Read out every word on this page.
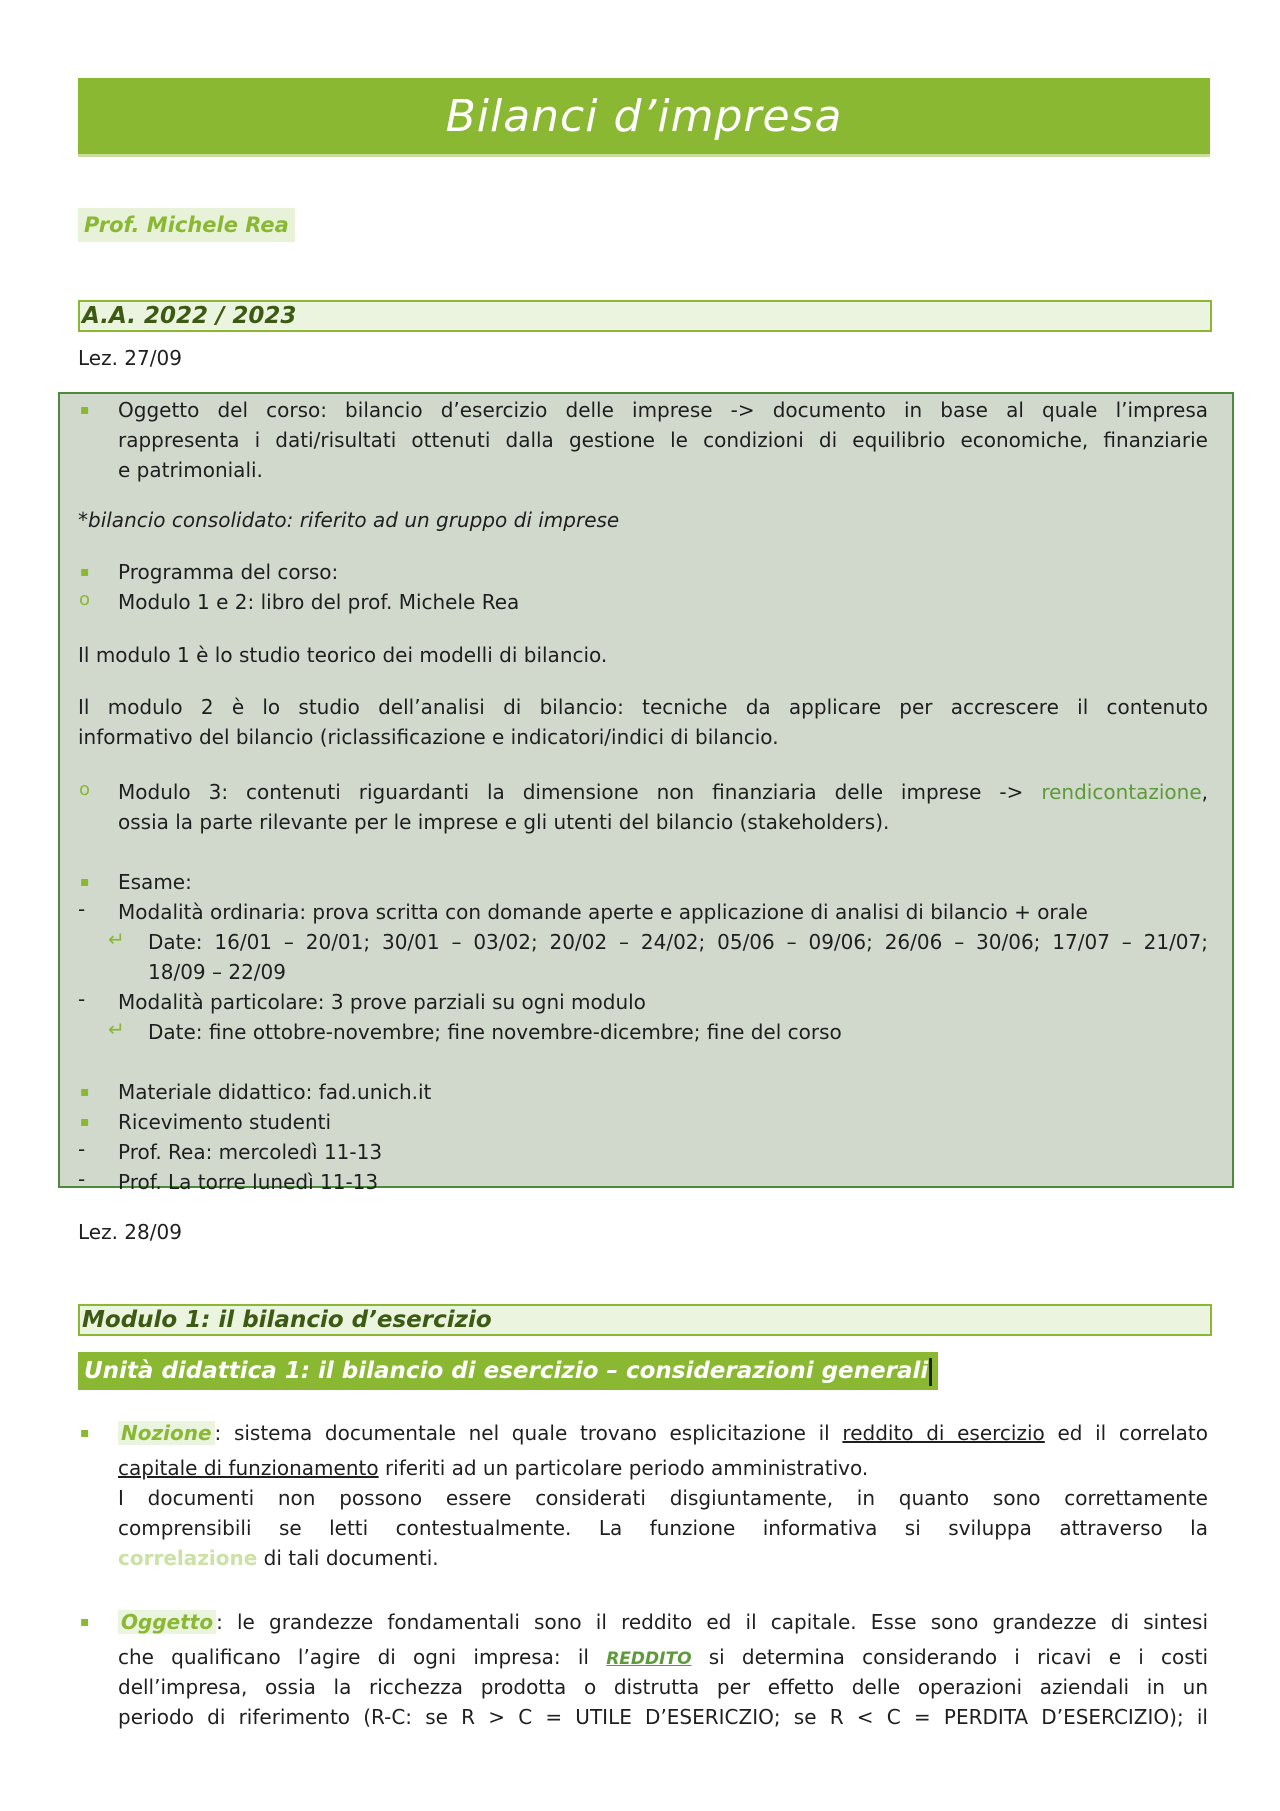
Bilanci d’impresa
Prof. Michele Rea
A.A. 2022 / 2023
Lez. 27/09
▪ Oggetto del corso: bilancio d’esercizio delle imprese -> documento in base al quale l’impresa
rappresenta i dati/risultati ottenuti dalla gestione le condizioni di equilibrio economiche, finanziarie
e patrimoniali.
*bilancio consolidato: riferito ad un gruppo di imprese
▪ Programma del corso:
o Modulo 1 e 2: libro del prof. Michele Rea
Il modulo 1 è lo studio teorico dei modelli di bilancio.
Il modulo 2 è lo studio dell’analisi di bilancio: tecniche da applicare per accrescere il contenuto
informativo del bilancio (riclassificazione e indicatori/indici di bilancio.
o Modulo 3: contenuti riguardanti la dimensione non finanziaria delle imprese -> rendicontazione,
ossia la parte rilevante per le imprese e gli utenti del bilancio (stakeholders).
▪ Esame:
- Modalità ordinaria: prova scritta con domande aperte e applicazione di analisi di bilancio + orale
↵ Date: 16/01 – 20/01; 30/01 – 03/02; 20/02 – 24/02; 05/06 – 09/06; 26/06 – 30/06; 17/07 – 21/07;
18/09 – 22/09
- Modalità particolare: 3 prove parziali su ogni modulo
↵ Date: fine ottobre-novembre; fine novembre-dicembre; fine del corso
▪ Materiale didattico: fad.unich.it
▪ Ricevimento studenti
- Prof. Rea: mercoledì 11-13
- Prof. La torre lunedì 11-13
Lez. 28/09
Modulo 1: il bilancio d’esercizio
Unità didattica 1: il bilancio di esercizio – considerazioni generali
▪ Nozione : sistema documentale nel quale trovano esplicitazione il reddito di esercizio ed il correlato
capitale di funzionamento riferiti ad un particolare periodo amministrativo.
I documenti non possono essere considerati disgiuntamente, in quanto sono correttamente
comprensibili se letti contestualmente. La funzione informativa si sviluppa attraverso la
correlazione di tali documenti.
▪ Oggetto : le grandezze fondamentali sono il reddito ed il capitale. Esse sono grandezze di sintesi
che qualificano l’agire di ogni impresa: il REDDITO si determina considerando i ricavi e i costi
dell’impresa, ossia la ricchezza prodotta o distrutta per effetto delle operazioni aziendali in un
periodo di riferimento (R-C: se R > C = UTILE D’ESERICZIO; se R < C = PERDITA D’ESERCIZIO); il
